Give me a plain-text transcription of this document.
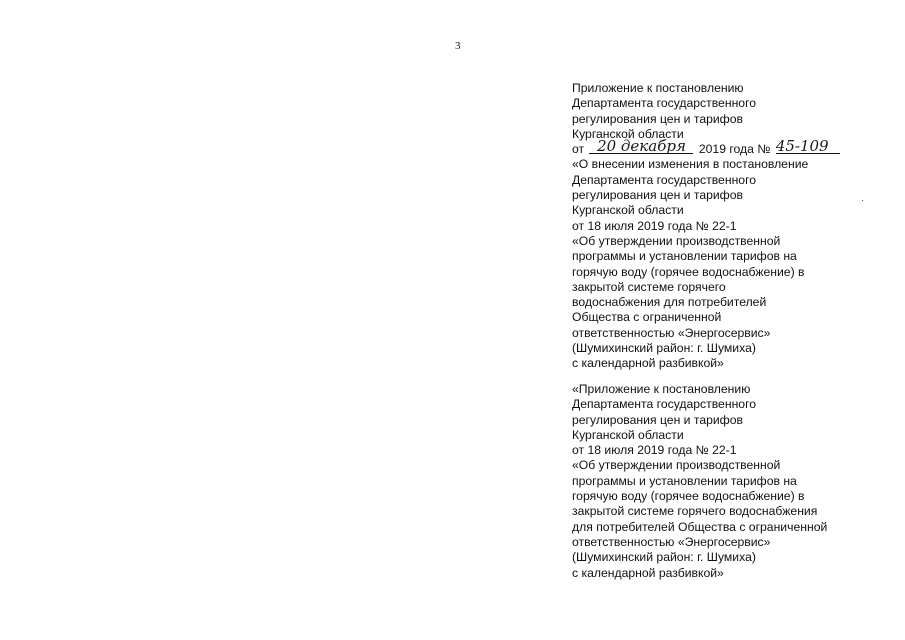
3
Приложение к постановлению
Департамента государственного
регулирования цен и тарифов
Курганской области
от 20 декабря 2019 года № 45-109
«О внесении изменения в постановление
Департамента государственного
регулирования цен и тарифов
Курганской области
от 18 июля 2019 года № 22-1
«Об утверждении производственной
программы и установлении тарифов на
горячую воду (горячее водоснабжение) в
закрытой системе горячего
водоснабжения для потребителей
Общества с ограниченной
ответственностью «Энергосервис»
(Шумихинский район: г. Шумиха)
с календарной разбивкой»
«Приложение к постановлению
Департамента государственного
регулирования цен и тарифов
Курганской области
от 18 июля 2019 года № 22-1
«Об утверждении производственной
программы и установлении тарифов на
горячую воду (горячее водоснабжение) в
закрытой системе горячего водоснабжения
для потребителей Общества с ограниченной
ответственностью «Энергосервис»
(Шумихинский район: г. Шумиха)
с календарной разбивкой»
